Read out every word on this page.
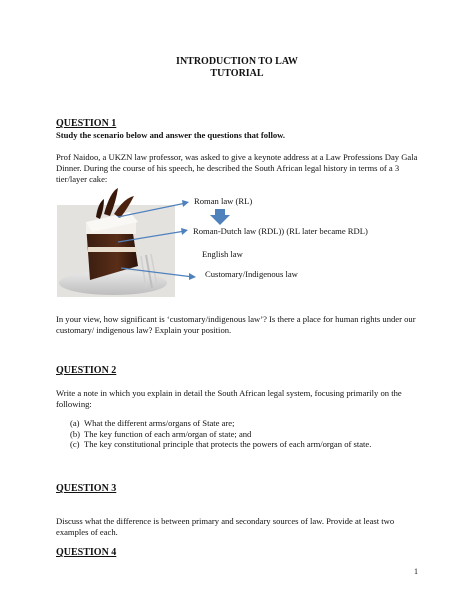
INTRODUCTION TO LAW
TUTORIAL
QUESTION 1
Study the scenario below and answer the questions that follow.
Prof Naidoo, a UKZN law professor, was asked to give a keynote address at a Law Professions Day Gala Dinner. During the course of his speech, he described the South African legal history in terms of a 3 tier/layer cake:
Roman law (RL)
Roman-Dutch law (RDL)) (RL later became RDL)
English law
Customary/Indigenous law
In your view, how significant is ‘customary/indigenous law’? Is there a place for human rights under our customary/ indigenous law? Explain your position.
QUESTION 2
Write a note in which you explain in detail the South African legal system, focusing primarily on the following:
(a) What the different arms/organs of State are;
(b) The key function of each arm/organ of state; and
(c) The key constitutional principle that protects the powers of each arm/organ of state.
QUESTION 3
Discuss what the difference is between primary and secondary sources of law. Provide at least two examples of each.
QUESTION 4
1
